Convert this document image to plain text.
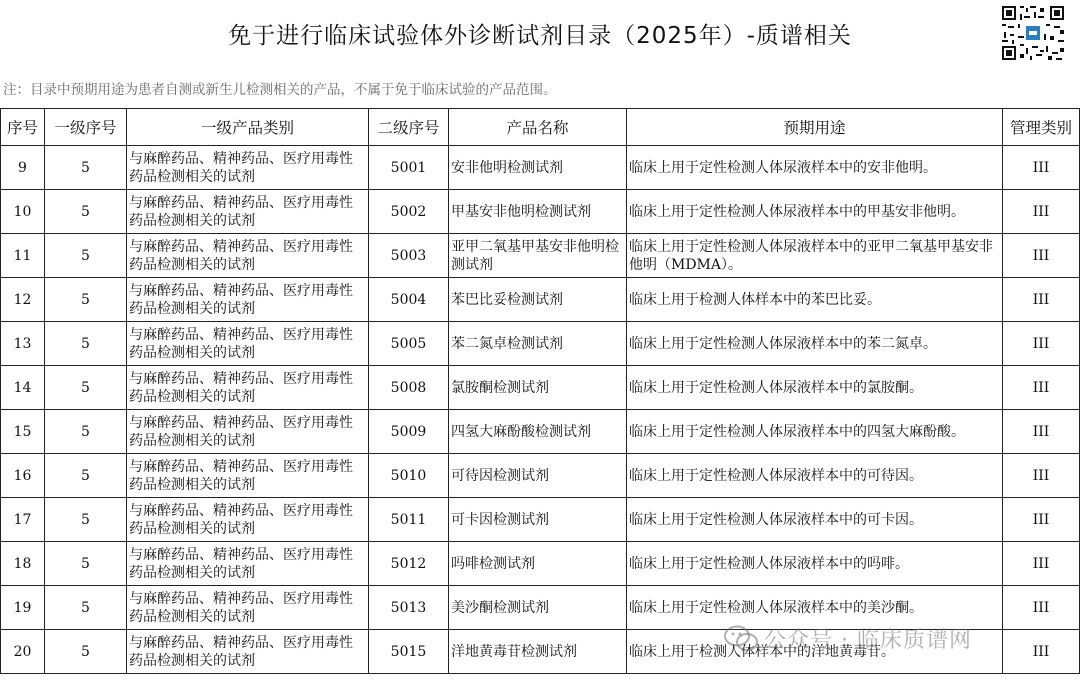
免于进行临床试验体外诊断试剂目录（2025年）-质谱相关
注：目录中预期用途为患者自测或新生儿检测相关的产品，不属于免于临床试验的产品范围。
序号	一级序号	一级产品类别	二级序号	产品名称	预期用途	管理类别
9	5	与麻醉药品、精神药品、医疗用毒性药品检测相关的试剂	5001	安非他明检测试剂	临床上用于定性检测人体尿液样本中的安非他明。	III
10	5	与麻醉药品、精神药品、医疗用毒性药品检测相关的试剂	5002	甲基安非他明检测试剂	临床上用于定性检测人体尿液样本中的甲基安非他明。	III
11	5	与麻醉药品、精神药品、医疗用毒性药品检测相关的试剂	5003	亚甲二氧基甲基安非他明检测试剂	临床上用于定性检测人体尿液样本中的亚甲二氧基甲基安非他明（MDMA）。	III
12	5	与麻醉药品、精神药品、医疗用毒性药品检测相关的试剂	5004	苯巴比妥检测试剂	临床上用于检测人体样本中的苯巴比妥。	III
13	5	与麻醉药品、精神药品、医疗用毒性药品检测相关的试剂	5005	苯二氮卓检测试剂	临床上用于定性检测人体尿液样本中的苯二氮卓。	III
14	5	与麻醉药品、精神药品、医疗用毒性药品检测相关的试剂	5008	氯胺酮检测试剂	临床上用于定性检测人体尿液样本中的氯胺酮。	III
15	5	与麻醉药品、精神药品、医疗用毒性药品检测相关的试剂	5009	四氢大麻酚酸检测试剂	临床上用于定性检测人体尿液样本中的四氢大麻酚酸。	III
16	5	与麻醉药品、精神药品、医疗用毒性药品检测相关的试剂	5010	可待因检测试剂	临床上用于定性检测人体尿液样本中的可待因。	III
17	5	与麻醉药品、精神药品、医疗用毒性药品检测相关的试剂	5011	可卡因检测试剂	临床上用于定性检测人体尿液样本中的可卡因。	III
18	5	与麻醉药品、精神药品、医疗用毒性药品检测相关的试剂	5012	吗啡检测试剂	临床上用于定性检测人体尿液样本中的吗啡。	III
19	5	与麻醉药品、精神药品、医疗用毒性药品检测相关的试剂	5013	美沙酮检测试剂	临床上用于定性检测人体尿液样本中的美沙酮。	III
20	5	与麻醉药品、精神药品、医疗用毒性药品检测相关的试剂	5015	洋地黄毒苷检测试剂	临床上用于检测人体样本中的洋地黄毒苷。	III
公众号 · 临床质谱网
